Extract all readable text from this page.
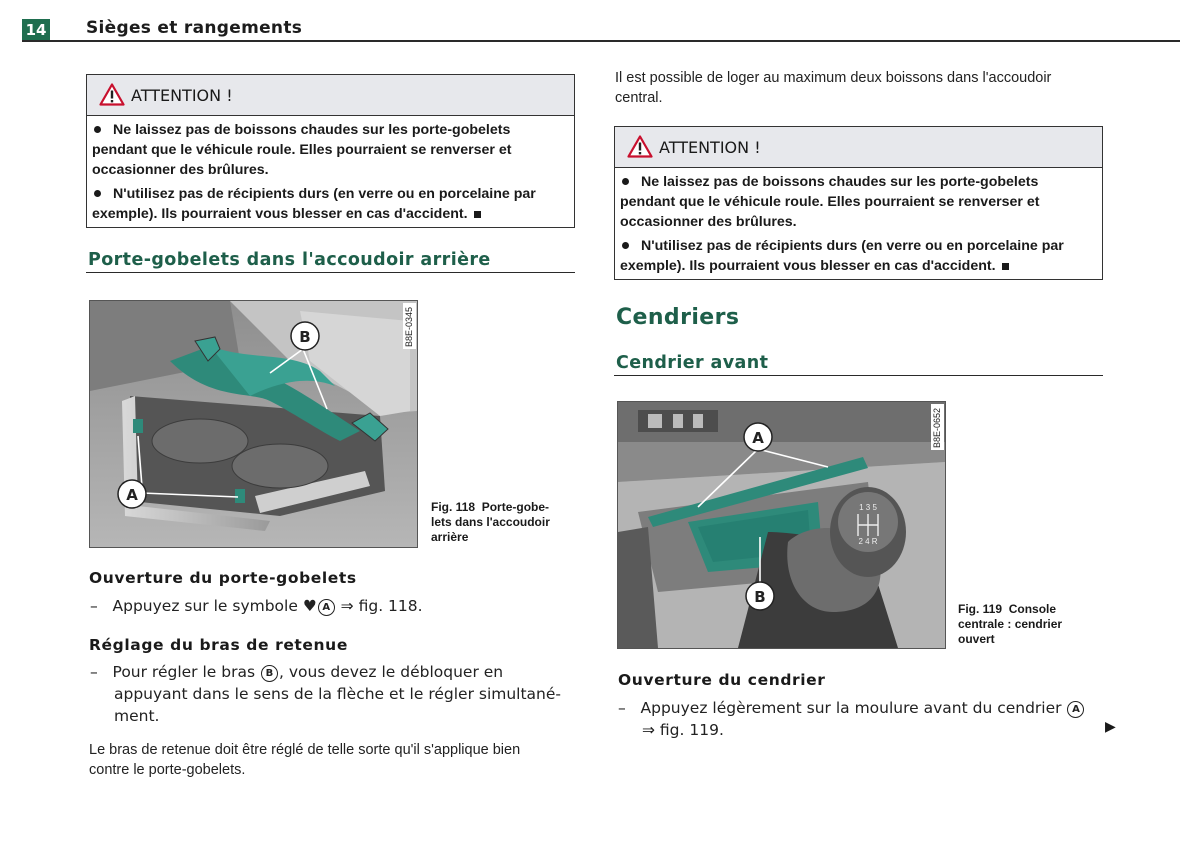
14 Sièges et rangements
ATTENTION !

Ne laissez pas de boissons chaudes sur les porte-gobelets pendant que le véhicule roule. Elles pourraient se renverser et occasionner des brûlures.

N'utilisez pas de récipients durs (en verre ou en porcelaine par exemple). Ils pourraient vous blesser en cas d'accident.

Porte-gobelets dans l'accoudoir arrière
B
A
B8E-0345
Fig. 118 Porte-gobe-
lets dans l'accoudoir
arrière
Ouverture du porte-gobelets
– Appuyez sur le symbole ♥︎ A ⇒ fig. 118.
Réglage du bras de retenue
– Pour régler le bras B , vous devez le débloquer en
appuyant dans le sens de la flèche et le régler simultané-
ment.
Le bras de retenue doit être réglé de telle sorte qu'il s'applique bien
contre le porte-gobelets.
Il est possible de loger au maximum deux boissons dans l'accoudoir
central.
ATTENTION !

Ne laissez pas de boissons chaudes sur les porte-gobelets pendant que le véhicule roule. Elles pourraient se renverser et occasionner des brûlures.

N'utilisez pas de récipients durs (en verre ou en porcelaine par exemple). Ils pourraient vous blesser en cas d'accident.

Cendriers
Cendrier avant
1 3 5
2 4 R
A
B
B8E-0652
Fig. 119 Console
centrale : cendrier
ouvert
Ouverture du cendrier
– Appuyez légèrement sur la moulure avant du cendrier A
⇒ fig. 119.	▶
